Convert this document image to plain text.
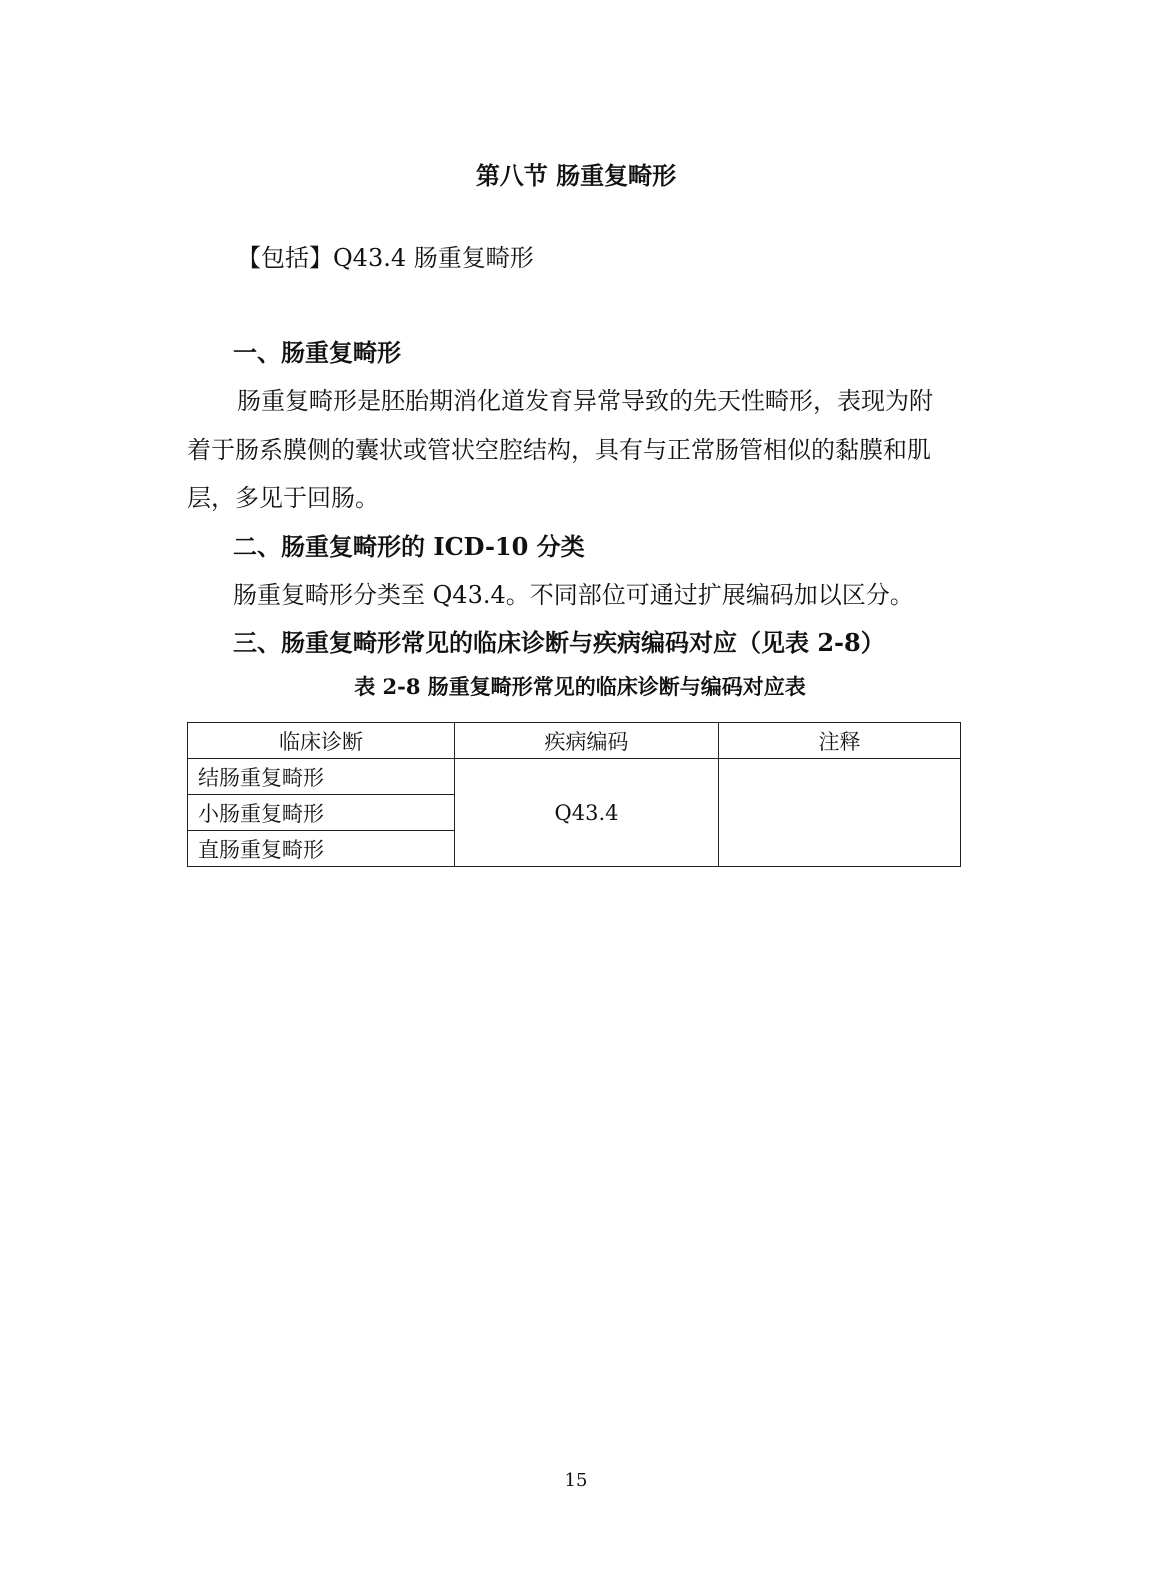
第八节 肠重复畸形
【包括】Q43.4 肠重复畸形
一、肠重复畸形
肠重复畸形是胚胎期消化道发育异常导致的先天性畸形，表现为附
着于肠系膜侧的囊状或管状空腔结构，具有与正常肠管相似的黏膜和肌
层，多见于回肠。
二、肠重复畸形的 ICD-10 分类
肠重复畸形分类至 Q43.4。不同部位可通过扩展编码加以区分。
三、肠重复畸形常见的临床诊断与疾病编码对应（见表 2-8）
表 2-8 肠重复畸形常见的临床诊断与编码对应表
临床诊断	疾病编码	注释
结肠重复畸形	Q43.4	
小肠重复畸形		
直肠重复畸形		
15
